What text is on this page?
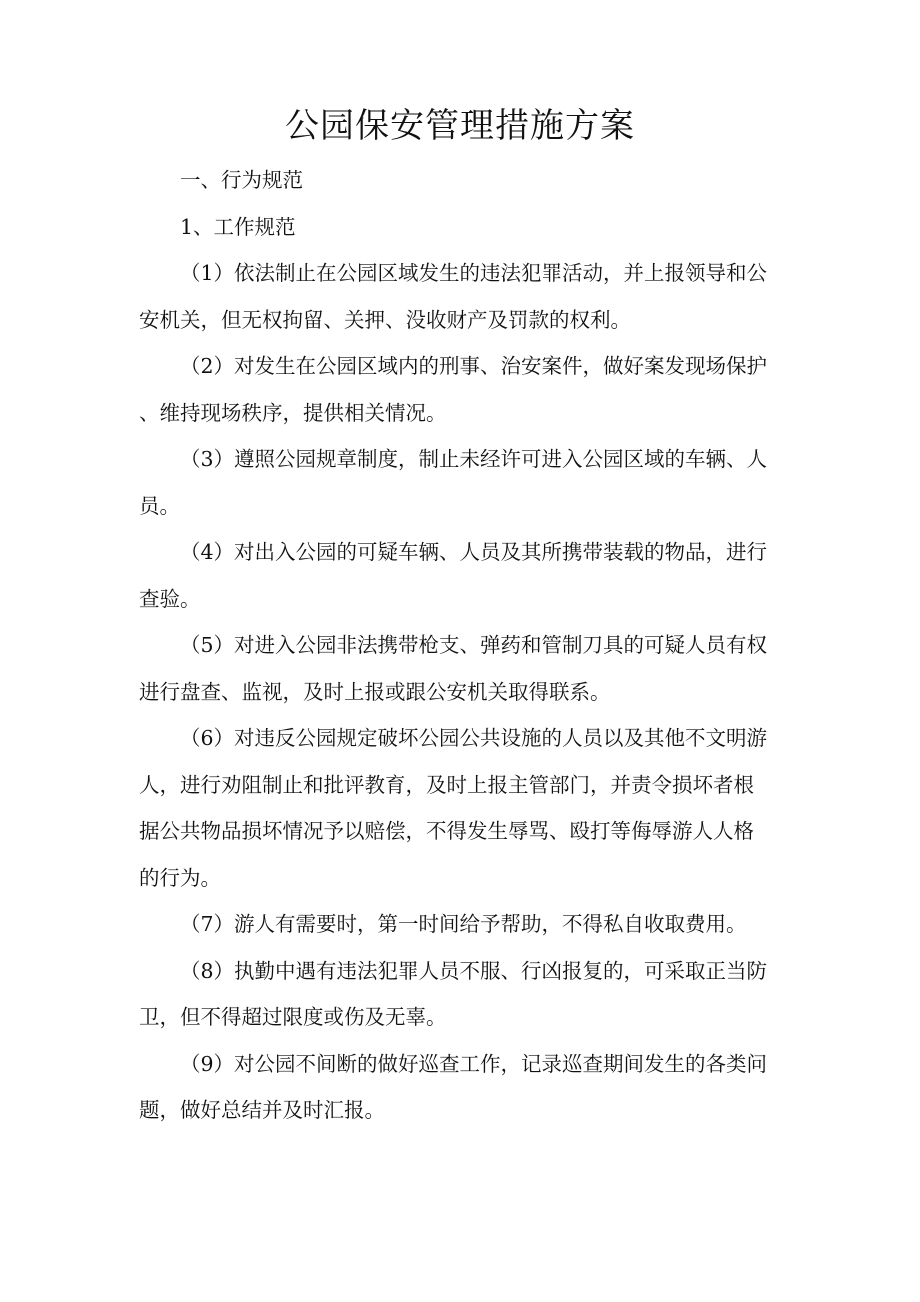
公园保安管理措施方案

一、行为规范

1、工作规范

（1）依法制止在公园区域发生的违法犯罪活动，并上报领导和公

安机关，但无权拘留、关押、没收财产及罚款的权利。

（2）对发生在公园区域内的刑事、治安案件，做好案发现场保护

、维持现场秩序，提供相关情况。

（3）遵照公园规章制度，制止未经许可进入公园区域的车辆、人

员。

（4）对出入公园的可疑车辆、人员及其所携带装载的物品，进行

查验。

（5）对进入公园非法携带枪支、弹药和管制刀具的可疑人员有权

进行盘查、监视，及时上报或跟公安机关取得联系。

（6）对违反公园规定破坏公园公共设施的人员以及其他不文明游

人，进行劝阻制止和批评教育，及时上报主管部门，并责令损坏者根

据公共物品损坏情况予以赔偿，不得发生辱骂、殴打等侮辱游人人格

的行为。

（7）游人有需要时，第一时间给予帮助，不得私自收取费用。

（8）执勤中遇有违法犯罪人员不服、行凶报复的，可采取正当防

卫，但不得超过限度或伤及无辜。

（9）对公园不间断的做好巡查工作，记录巡查期间发生的各类问

题，做好总结并及时汇报。
